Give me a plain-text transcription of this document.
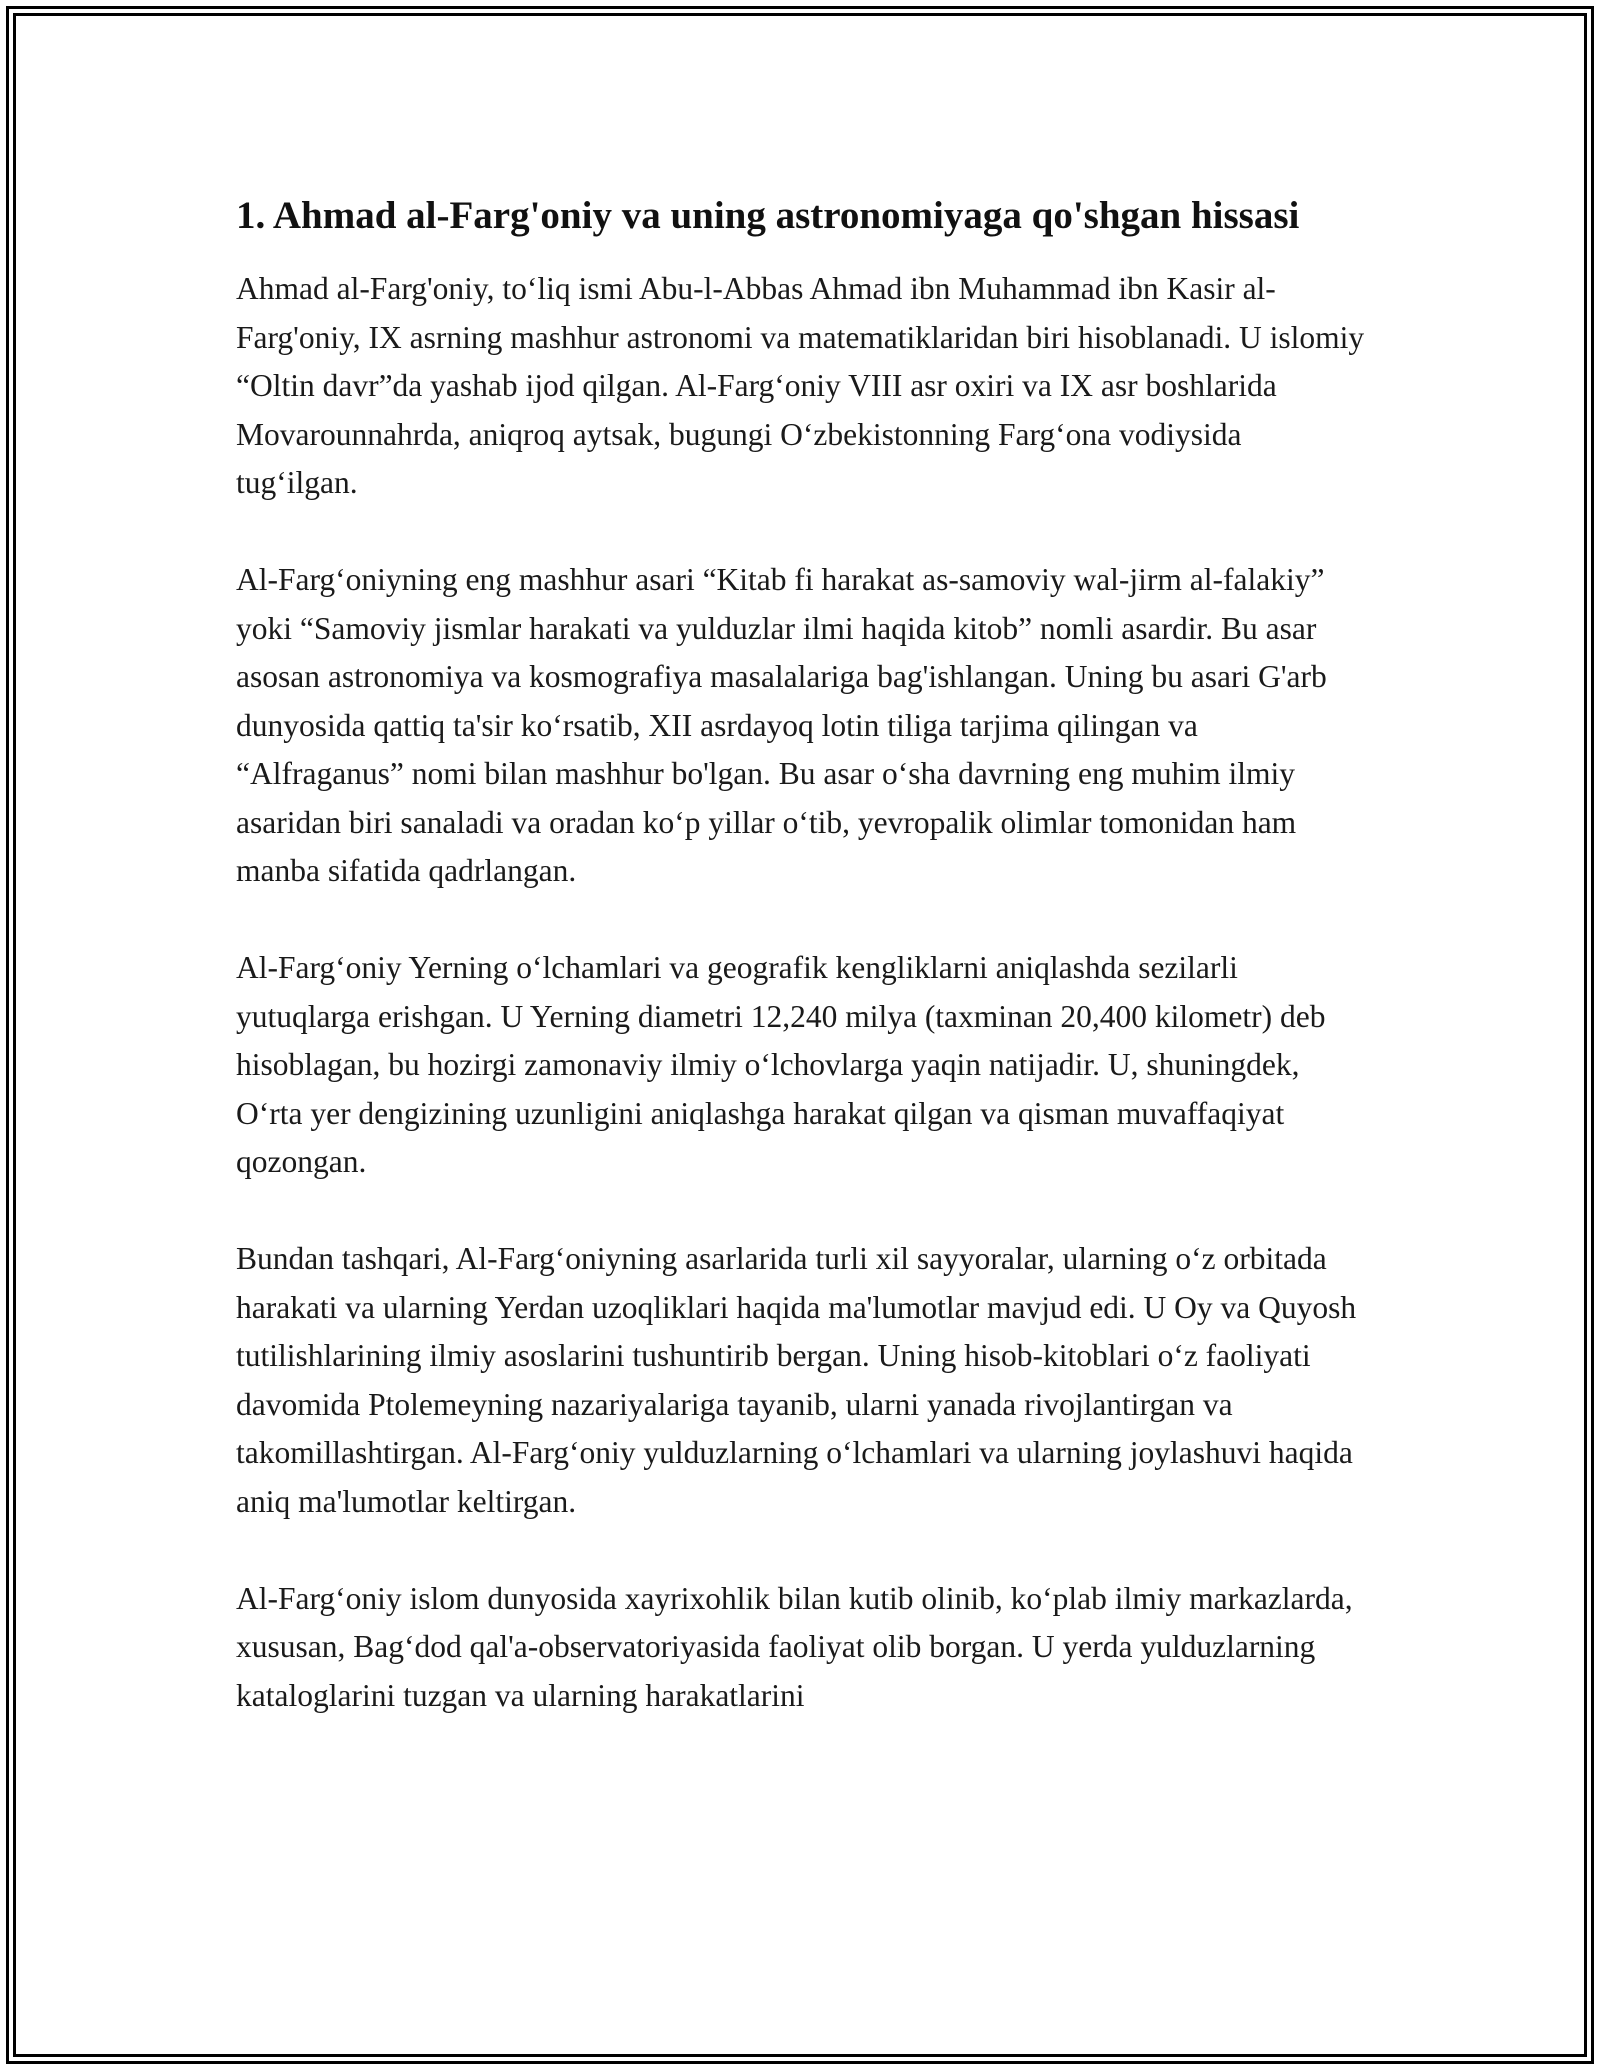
1. Ahmad al-Farg'oniy va uning astronomiyaga qo'shgan hissasi

Ahmad al-Farg'oniy, to‘liq ismi Abu-l-Abbas Ahmad ibn Muhammad ibn Kasir al-Farg'oniy, IX asrning mashhur astronomi va matematiklaridan biri hisoblanadi. U islomiy “Oltin davr”da yashab ijod qilgan. Al-Farg‘oniy VIII asr oxiri va IX asr boshlarida Movarounnahrda, aniqroq aytsak, bugungi O‘zbekistonning Farg‘ona vodiysida tug‘ilgan.

Al-Farg‘oniyning eng mashhur asari “Kitab fi harakat as-samoviy wal-jirm al-falakiy” yoki “Samoviy jismlar harakati va yulduzlar ilmi haqida kitob” nomli asardir. Bu asar asosan astronomiya va kosmografiya masalalariga bag'ishlangan. Uning bu asari G'arb dunyosida qattiq ta'sir ko‘rsatib, XII asrdayoq lotin tiliga tarjima qilingan va “Alfraganus” nomi bilan mashhur bo'lgan. Bu asar o‘sha davrning eng muhim ilmiy asaridan biri sanaladi va oradan ko‘p yillar o‘tib, yevropalik olimlar tomonidan ham manba sifatida qadrlangan.

Al-Farg‘oniy Yerning o‘lchamlari va geografik kengliklarni aniqlashda sezilarli yutuqlarga erishgan. U Yerning diametri 12,240 milya (taxminan 20,400 kilometr) deb hisoblagan, bu hozirgi zamonaviy ilmiy o‘lchovlarga yaqin natijadir. U, shuningdek, O‘rta yer dengizining uzunligini aniqlashga harakat qilgan va qisman muvaffaqiyat qozongan.

Bundan tashqari, Al-Farg‘oniyning asarlarida turli xil sayyoralar, ularning o‘z orbitada harakati va ularning Yerdan uzoqliklari haqida ma'lumotlar mavjud edi. U Oy va Quyosh tutilishlarining ilmiy asoslarini tushuntirib bergan. Uning hisob-kitoblari o‘z faoliyati davomida Ptolemeyning nazariyalariga tayanib, ularni yanada rivojlantirgan va takomillashtirgan. Al-Farg‘oniy yulduzlarning o‘lchamlari va ularning joylashuvi haqida aniq ma'lumotlar keltirgan.

Al-Farg‘oniy islom dunyosida xayrixohlik bilan kutib olinib, ko‘plab ilmiy markazlarda, xususan, Bag‘dod qal'a-observatoriyasida faoliyat olib borgan. U yerda yulduzlarning kataloglarini tuzgan va ularning harakatlarini
